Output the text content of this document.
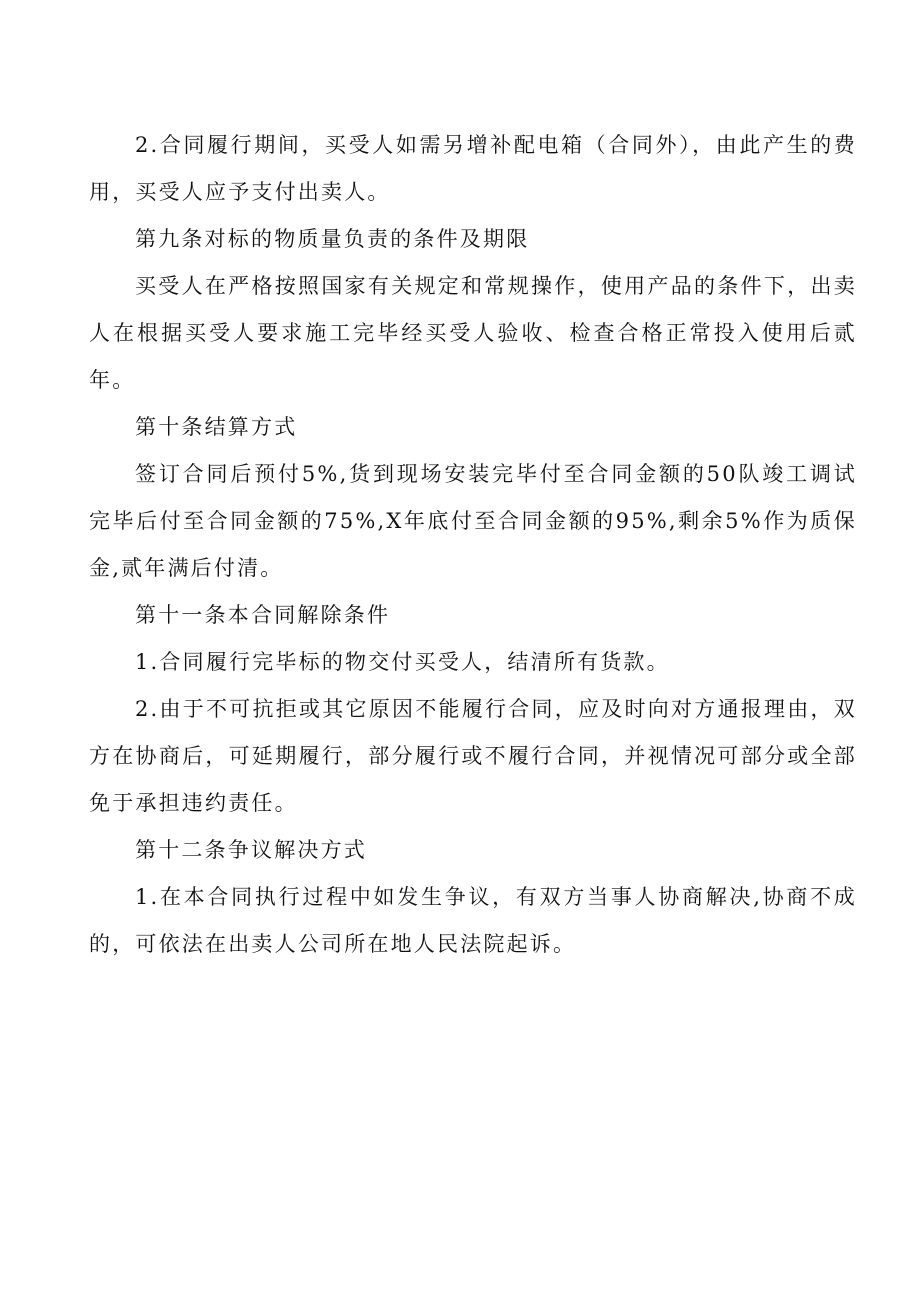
2.合同履行期间，买受人如需另增补配电箱（合同外），由此产生的费用，买受人应予支付出卖人。

第九条对标的物质量负责的条件及期限

买受人在严格按照国家有关规定和常规操作，使用产品的条件下，出卖人在根据买受人要求施工完毕经买受人验收、检查合格正常投入使用后贰年。

第十条结算方式

签订合同后预付5%,货到现场安装完毕付至合同金额的50队竣工调试完毕后付至合同金额的75%,X年底付至合同金额的95%,剩余5%作为质保金,贰年满后付清。

第十一条本合同解除条件

1.合同履行完毕标的物交付买受人，结清所有货款。

2.由于不可抗拒或其它原因不能履行合同，应及时向对方通报理由，双方在协商后，可延期履行，部分履行或不履行合同，并视情况可部分或全部免于承担违约责任。

第十二条争议解决方式

1.在本合同执行过程中如发生争议，有双方当事人协商解决,协商不成的，可依法在出卖人公司所在地人民法院起诉。
